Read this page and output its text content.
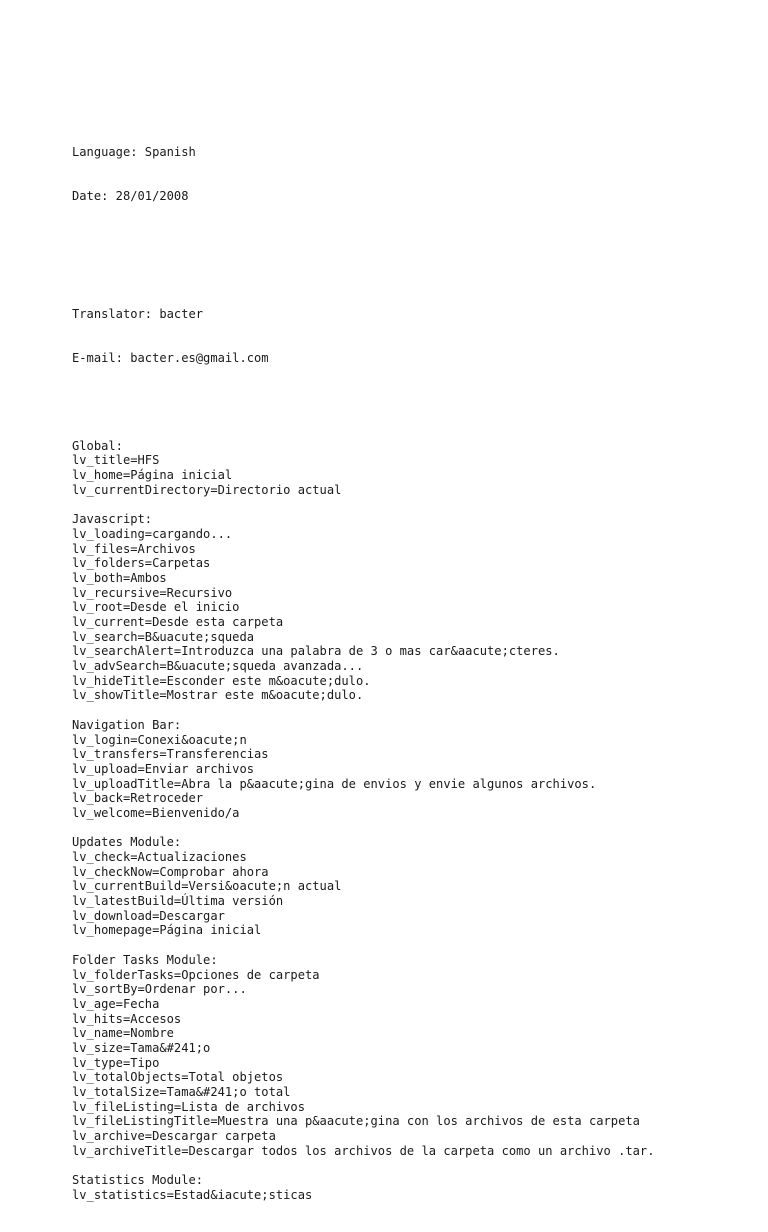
Language: Spanish

Date: 28/01/2008

Translator: bacter

E-mail: bacter.es@gmail.com

Global:
lv_title=HFS
lv_home=Página inicial
lv_currentDirectory=Directorio actual
Javascript:
lv_loading=cargando...
lv_files=Archivos
lv_folders=Carpetas
lv_both=Ambos
lv_recursive=Recursivo
lv_root=Desde el inicio
lv_current=Desde esta carpeta
lv_search=B&uacute;squeda
lv_searchAlert=Introduzca una palabra de 3 o mas car&aacute;cteres.
lv_advSearch=B&uacute;squeda avanzada...
lv_hideTitle=Esconder este m&oacute;dulo.
lv_showTitle=Mostrar este m&oacute;dulo.
Navigation Bar:
lv_login=Conexi&oacute;n
lv_transfers=Transferencias
lv_upload=Enviar archivos
lv_uploadTitle=Abra la p&aacute;gina de envios y envie algunos archivos.
lv_back=Retroceder
lv_welcome=Bienvenido/a
Updates Module:
lv_check=Actualizaciones
lv_checkNow=Comprobar ahora
lv_currentBuild=Versi&oacute;n actual
lv_latestBuild=Última versión
lv_download=Descargar
lv_homepage=Página inicial
Folder Tasks Module:
lv_folderTasks=Opciones de carpeta
lv_sortBy=Ordenar por...
lv_age=Fecha
lv_hits=Accesos
lv_name=Nombre
lv_size=Tama&#241;o
lv_type=Tipo
lv_totalObjects=Total objetos
lv_totalSize=Tama&#241;o total
lv_fileListing=Lista de archivos
lv_fileListingTitle=Muestra una p&aacute;gina con los archivos de esta carpeta
lv_archive=Descargar carpeta
lv_archiveTitle=Descargar todos los archivos de la carpeta como un archivo .tar.
Statistics Module:
lv_statistics=Estad&iacute;sticas
